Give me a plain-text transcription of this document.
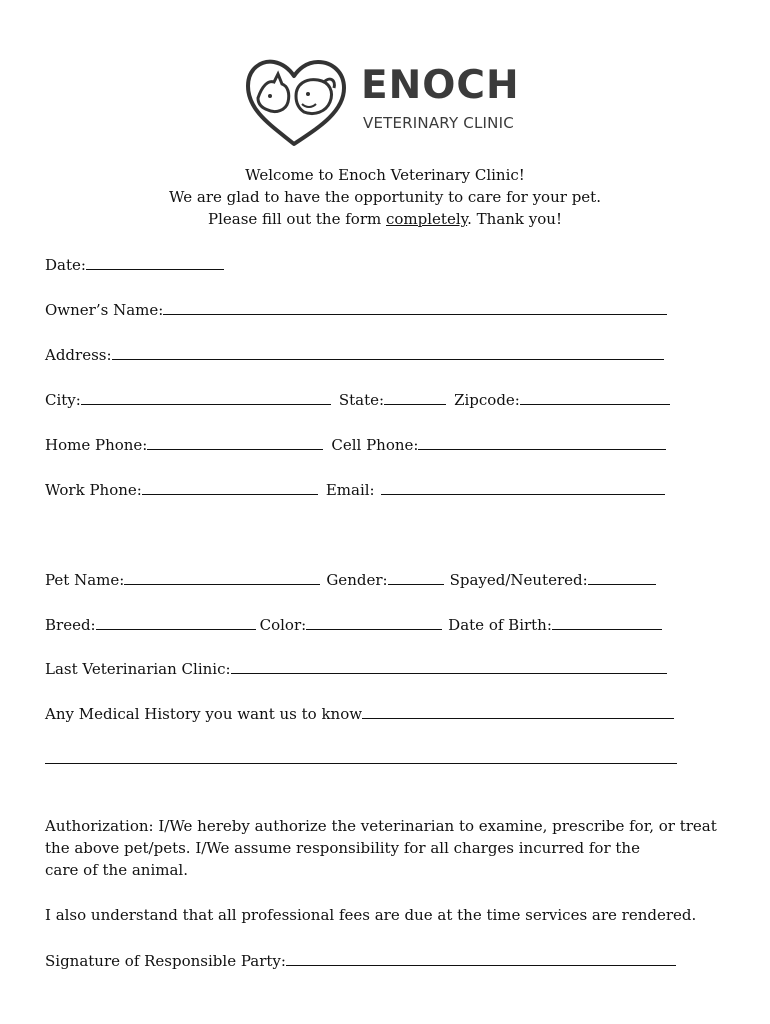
ENOCH
VETERINARY CLINIC
Welcome to Enoch Veterinary Clinic!
We are glad to have the opportunity to care for your pet.
Please fill out the form completely. Thank you!
Date:
Owner’s Name:
Address:
City:	State:	Zipcode:
Home Phone:	Cell Phone:
Work Phone:	Email:
Pet Name:	Gender:	Spayed/Neutered:
Breed:	Color:	Date of Birth:
Last Veterinarian Clinic:
Any Medical History you want us to know
Authorization: I/We hereby authorize the veterinarian to examine, prescribe for, or treat
the above pet/pets. I/We assume responsibility for all charges incurred for the
care of the animal.
I also understand that all professional fees are due at the time services are rendered.
Signature of Responsible Party:
